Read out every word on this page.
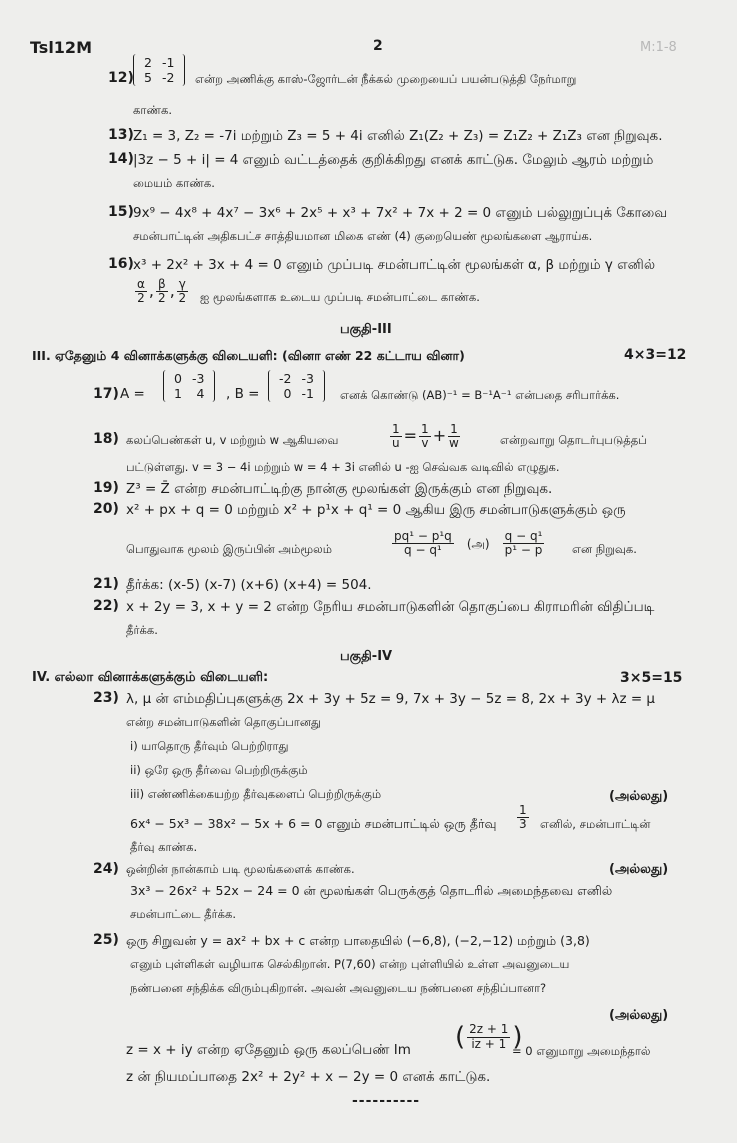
Tsl12M	2	M:1-8
12)
2	-1
5	-2 என்ற அணிக்கு காஸ்-ஜோர்டன் நீக்கல் முறையைப் பயன்படுத்தி நேர்மாறு
காண்க.
13) Z₁ = 3, Z₂ = -7i மற்றும் Z₃ = 5 + 4i எனில் Z₁(Z₂ + Z₃) = Z₁Z₂ + Z₁Z₃ என நிறுவுக.
14) |3z − 5 + i| = 4 எனும் வட்டத்தைக் குறிக்கிறது எனக் காட்டுக. மேலும் ஆரம் மற்றும்
மையம் காண்க.
15) 9x⁹ − 4x⁸ + 4x⁷ − 3x⁶ + 2x⁵ + x³ + 7x² + 7x + 2 = 0 எனும் பல்லுறுப்புக் கோவை
சமன்பாட்டின் அதிகபட்ச சாத்தியமான மிகை எண் (4) குறையெண் மூலங்களை ஆராய்க.
16) x³ + 2x² + 3x + 4 = 0 எனும் முப்படி சமன்பாட்டின் மூலங்கள் α, β மற்றும் γ எனில்
$\frac{\alpha}{2}$ , $\frac{\beta}{2}$ , $\frac{\gamma}{2}$ ஐ மூலங்களாக உடைய முப்படி சமன்பாட்டை காண்க.
பகுதி-III
III. ஏதேனும் 4 வினாக்களுக்கு விடையளி: (வினா எண் 22 கட்டாய வினா)	4×3=12
17) A =
0	-3
1	4 , B =
-2	-3
0	-1 எனக் கொண்டு (AB)⁻¹ = B⁻¹A⁻¹ என்பதை சரிபார்க்க.
18) கலப்பெண்கள் u, v மற்றும் w ஆகியவை	$\frac{1}{u} = \frac{1}{v} + \frac{1}{w}$	என்றவாறு தொடர்புபடுத்தப்
பட்டுள்ளது. v = 3 − 4i மற்றும் w = 4 + 3i எனில் u -ஐ செவ்வக வடிவில் எழுதுக.
19) Z³ = Z̄ என்ற சமன்பாட்டிற்கு நான்கு மூலங்கள் இருக்கும் என நிறுவுக.
20) x² + px + q = 0 மற்றும் x² + p¹x + q¹ = 0 ஆகிய இரு சமன்பாடுகளுக்கும் ஒரு
பொதுவாக மூலம் இருப்பின் அம்மூலம்	$\frac{\text{pq¹ − p¹q}}{\text{q − q¹}}$ (அ) $\frac{\text{q − q¹}}{\text{p¹ − p}}$ என நிறுவுக.
21) தீர்க்க: (x-5) (x-7) (x+6) (x+4) = 504.
22) x + 2y = 3, x + y = 2 என்ற நேரிய சமன்பாடுகளின் தொகுப்பை கிராமரின் விதிப்படி
தீர்க்க.
பகுதி-IV
IV. எல்லா வினாக்களுக்கும் விடையளி:	3×5=15
23) λ, μ ன் எம்மதிப்புகளுக்கு 2x + 3y + 5z = 9, 7x + 3y − 5z = 8, 2x + 3y + λz = μ
என்ற சமன்பாடுகளின் தொகுப்பானது
i) யாதொரு தீர்வும் பெற்றிராது
ii) ஒரே ஒரு தீர்வை பெற்றிருக்கும்
iii) எண்ணிக்கையற்ற தீர்வுகளைப் பெற்றிருக்கும்	(அல்லது)
6x⁴ − 5x³ − 38x² − 5x + 6 = 0 எனும் சமன்பாட்டில் ஒரு தீர்வு $\frac{1}{3}$ எனில், சமன்பாட்டின்
தீர்வு காண்க.
24) ஒன்றின் நான்காம் படி மூலங்களைக் காண்க.	(அல்லது)
3x³ − 26x² + 52x − 24 = 0 ன் மூலங்கள் பெருக்குத் தொடரில் அமைந்தவை எனில்
சமன்பாட்டை தீர்க்க.
25) ஒரு சிறுவன் y = ax² + bx + c என்ற பாதையில் (−6,8), (−2,−12) மற்றும் (3,8)
எனும் புள்ளிகள் வழியாக செல்கிறான். P(7,60) என்ற புள்ளியில் உள்ள அவனுடைய
நண்பனை சந்திக்க விரும்புகிறான். அவன் அவனுடைய நண்பனை சந்திப்பானா?
(அல்லது)
z = x + iy என்ற ஏதேனும் ஒரு கலப்பெண் Im ( $\frac{2z + 1}{iz + 1}$ )
= 0 எனுமாறு அமைந்தால்
z ன் நியமப்பாதை 2x² + 2y² + x − 2y = 0 எனக் காட்டுக.
----------
